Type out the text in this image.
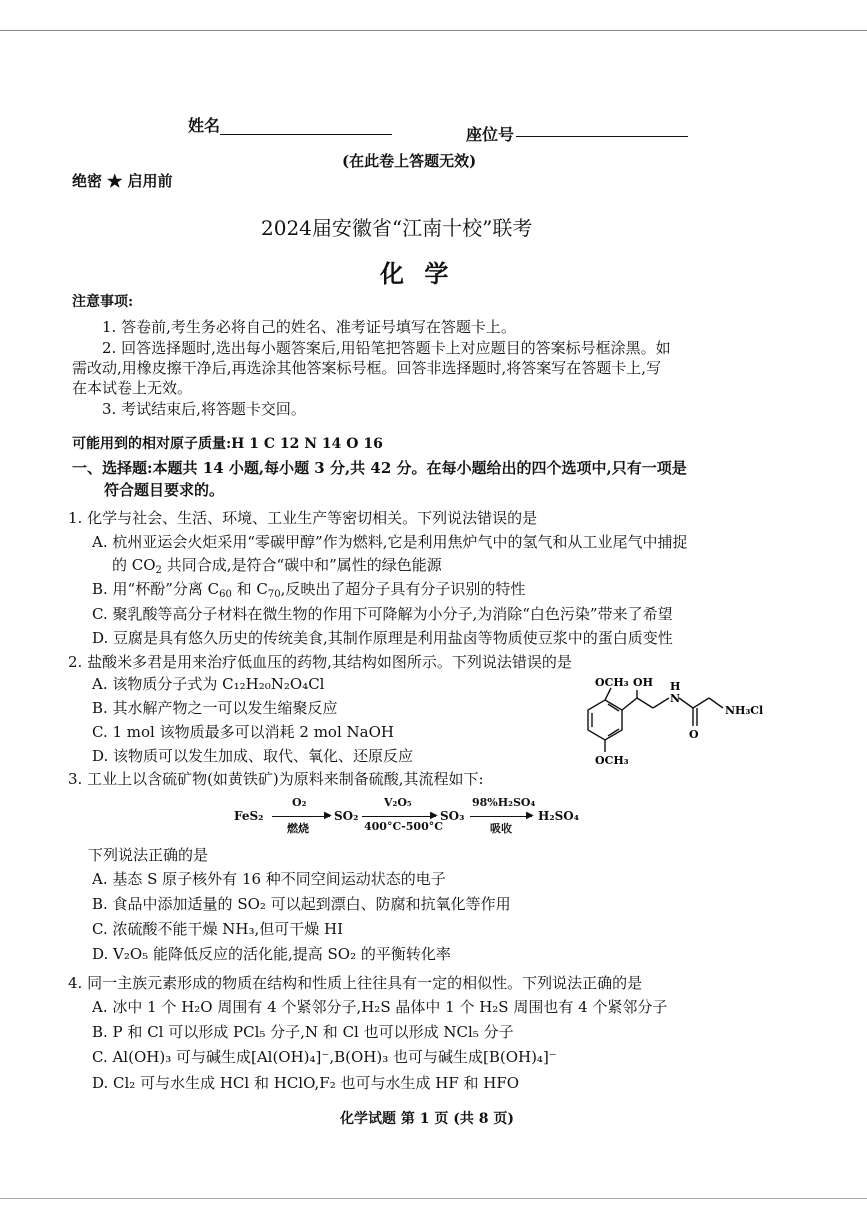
姓名	座位号
(在此卷上答题无效)
绝密 ★ 启用前
2024届安徽省“江南十校”联考
化 学
注意事项:
1. 答卷前,考生务必将自己的姓名、准考证号填写在答题卡上。
2. 回答选择题时,选出每小题答案后,用铅笔把答题卡上对应题目的答案标号框涂黑。如
需改动,用橡皮擦干净后,再选涂其他答案标号框。回答非选择题时,将答案写在答题卡上,写
在本试卷上无效。
3. 考试结束后,将答题卡交回。
可能用到的相对原子质量:H 1 C 12 N 14 O 16
一、选择题:本题共 14 小题,每小题 3 分,共 42 分。在每小题给出的四个选项中,只有一项是
符合题目要求的。
1. 化学与社会、生活、环境、工业生产等密切相关。下列说法错误的是
A. 杭州亚运会火炬采用“零碳甲醇”作为燃料,它是利用焦炉气中的氢气和从工业尾气中捕捉
的 $CO_2$ 共同合成,是符合“碳中和”属性的绿色能源
B. 用“杯酚”分离 $C_{60}$ 和 $C_{70}$,反映出了超分子具有分子识别的特性
C. 聚乳酸等高分子材料在微生物的作用下可降解为小分子,为消除“白色污染”带来了希望
D. 豆腐是具有悠久历史的传统美食,其制作原理是利用盐卤等物质使豆浆中的蛋白质变性
2. 盐酸米多君是用来治疗低血压的药物,其结构如图所示。下列说法错误的是
A. 该物质分子式为 C₁₂H₂₀N₂O₄Cl
B. 其水解产物之一可以发生缩聚反应
C. 1 mol 该物质最多可以消耗 2 mol NaOH
D. 该物质可以发生加成、取代、氧化、还原反应
OCH₃ OH H
N
O
NH₃Cl
OCH₃
3. 工业上以含硫矿物(如黄铁矿)为原料来制备硫酸,其流程如下:
FeS₂
O₂
▶
燃烧
SO₂
V₂O₅
▶
400°C-500°C
SO₃
98%H₂SO₄
▶
吸收
H₂SO₄
下列说法正确的是
A. 基态 S 原子核外有 16 种不同空间运动状态的电子
B. 食品中添加适量的 SO₂ 可以起到漂白、防腐和抗氧化等作用
C. 浓硫酸不能干燥 NH₃,但可干燥 HI
D. V₂O₅ 能降低反应的活化能,提高 SO₂ 的平衡转化率
4. 同一主族元素形成的物质在结构和性质上往往具有一定的相似性。下列说法正确的是
A. 冰中 1 个 H₂O 周围有 4 个紧邻分子,H₂S 晶体中 1 个 H₂S 周围也有 4 个紧邻分子
B. P 和 Cl 可以形成 PCl₅ 分子,N 和 Cl 也可以形成 NCl₅ 分子
C. Al(OH)₃ 可与碱生成[Al(OH)₄]⁻,B(OH)₃ 也可与碱生成[B(OH)₄]⁻
D. Cl₂ 可与水生成 HCl 和 HClO,F₂ 也可与水生成 HF 和 HFO
化学试题 第 1 页 (共 8 页)
